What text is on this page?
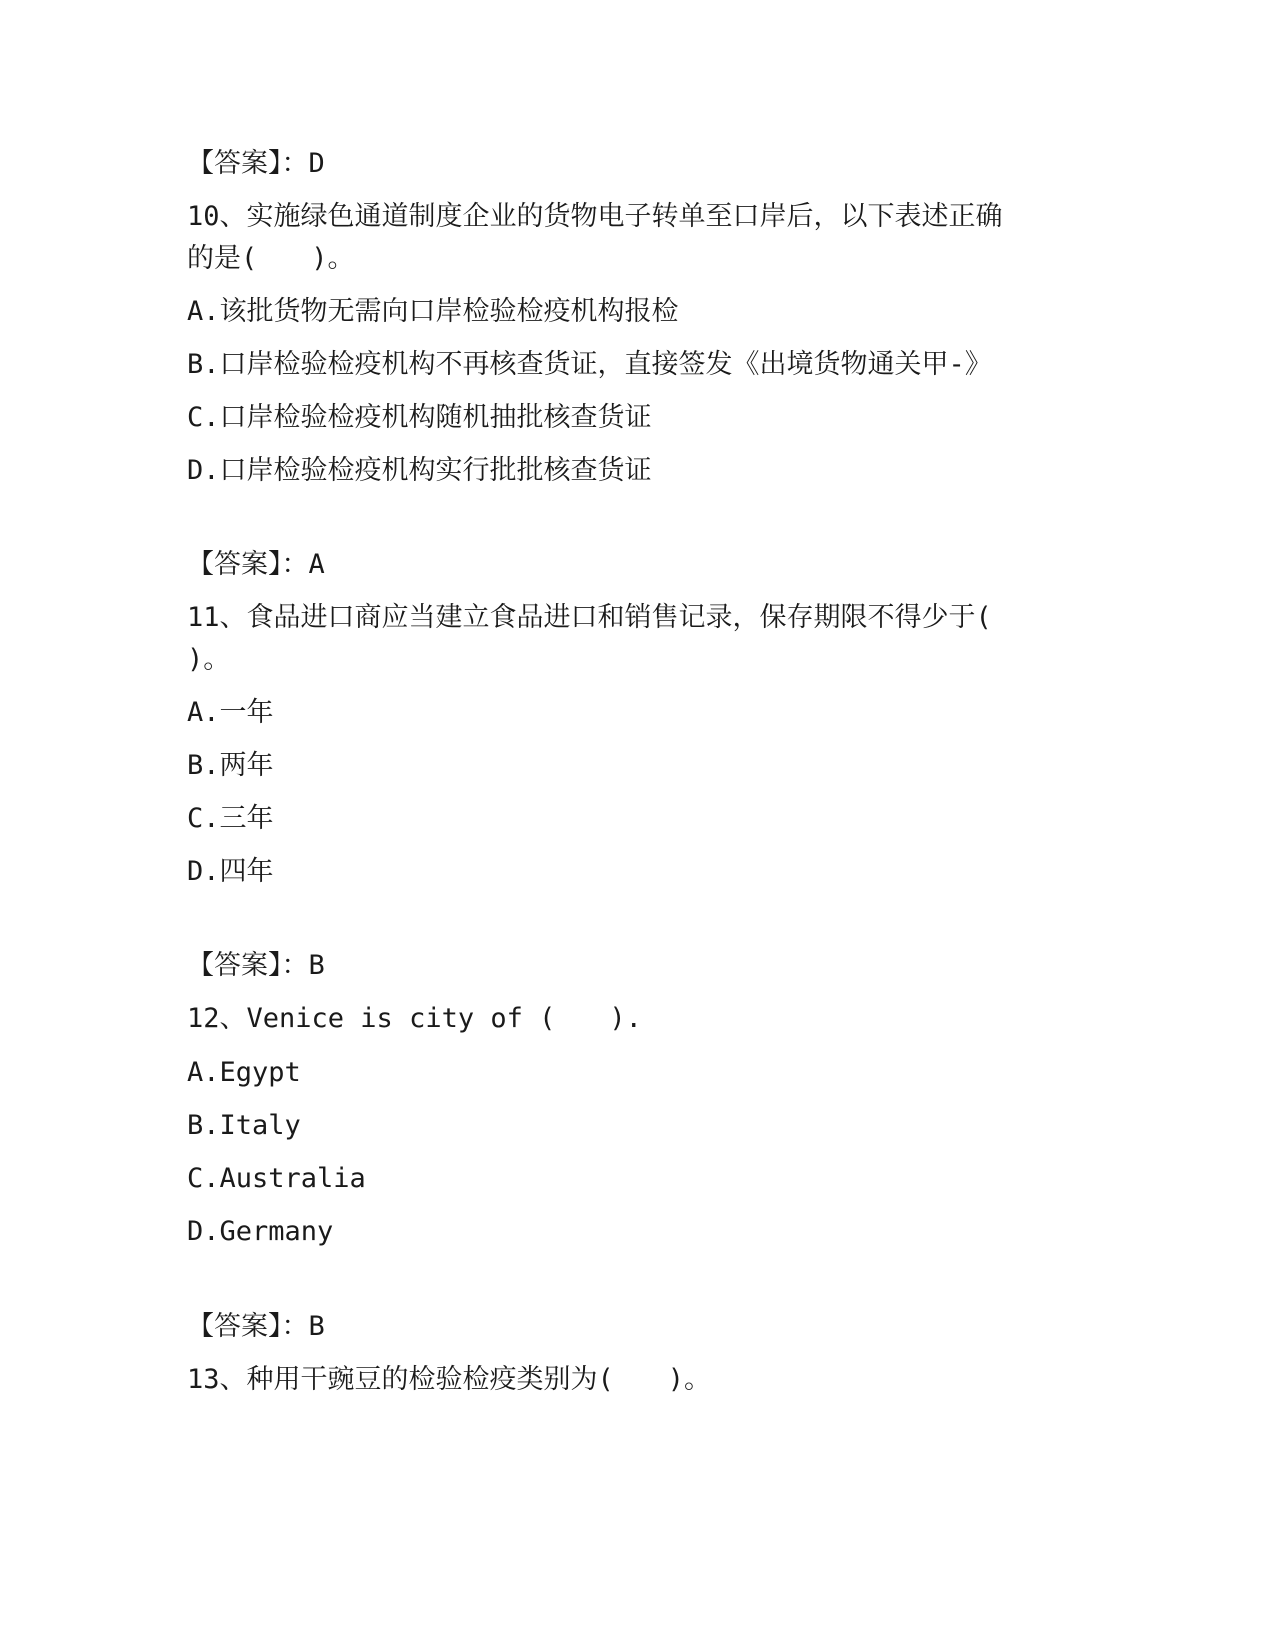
【答案】：D
10、实施绿色通道制度企业的货物电子转单至口岸后，以下表述正确
的是(　　)。
A.该批货物无需向口岸检验检疫机构报检
B.口岸检验检疫机构不再核查货证，直接签发《出境货物通关甲-》
C.口岸检验检疫机构随机抽批核查货证
D.口岸检验检疫机构实行批批核查货证
【答案】：A
11、食品进口商应当建立食品进口和销售记录，保存期限不得少于(
)。
A.一年
B.两年
C.三年
D.四年
【答案】：B
12、Venice is city of (　　).
A.Egypt
B.Italy
C.Australia
D.Germany
【答案】：B
13、种用干豌豆的检验检疫类别为(　　)。
